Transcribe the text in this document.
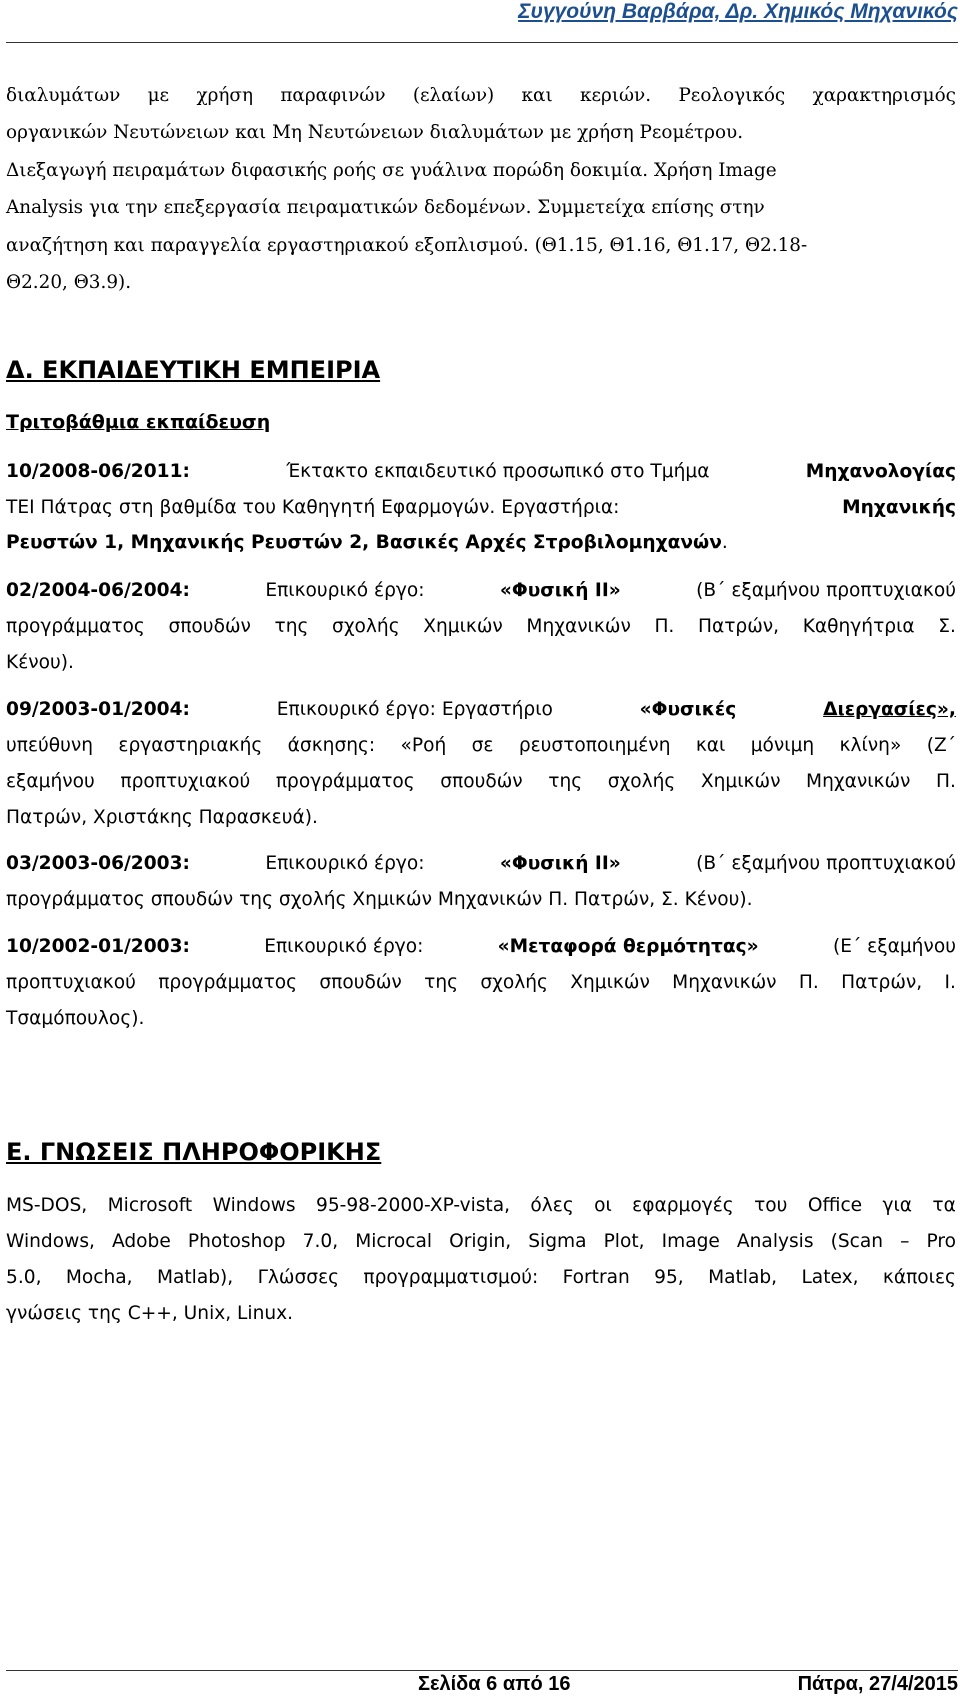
Συγγούνη Βαρβάρα, Δρ. Χημικός Μηχανικός
διαλυμάτων με χρήση παραφινών (ελαίων) και κεριών. Ρεολογικός χαρακτηρισμός
οργανικών Νευτώνειων και Μη Νευτώνειων διαλυμάτων με χρήση Ρεομέτρου.
Διεξαγωγή πειραμάτων διφασικής ροής σε γυάλινα πορώδη δοκιμία. Χρήση Image
Analysis για την επεξεργασία πειραματικών δεδομένων. Συμμετείχα επίσης στην
αναζήτηση και παραγγελία εργαστηριακού εξοπλισμού. (Θ1.15, Θ1.16, Θ1.17, Θ2.18-
Θ2.20, Θ3.9).
Δ. ΕΚΠΑΙΔΕΥΤΙΚΗ ΕΜΠΕΙΡΙΑ
Τριτοβάθμια εκπαίδευση
10/2008-06/2011:	Έκτακτο εκπαιδευτικό προσωπικό στο Τμήμα	Μηχανολογίας
ΤΕΙ Πάτρας στη βαθμίδα του Καθηγητή Εφαρμογών. Εργαστήρια:	Μηχανικής
Ρευστών 1, Μηχανικής Ρευστών 2, Βασικές Αρχές Στροβιλομηχανών.
02/2004-06/2004:	Επικουρικό έργο:	«Φυσική ΙΙ»	(Β΄ εξαμήνου προπτυχιακού
προγράμματος σπουδών της σχολής Χημικών Μηχανικών Π. Πατρών, Καθηγήτρια Σ.
Κένου).
09/2003-01/2004:	Επικουρικό έργο: Εργαστήριο	«Φυσικές	Διεργασίες»,
υπεύθυνη εργαστηριακής άσκησης: «Ροή σε ρευστοποιημένη και μόνιμη κλίνη» (Ζ΄
εξαμήνου προπτυχιακού προγράμματος σπουδών της σχολής Χημικών Μηχανικών Π.
Πατρών, Χριστάκης Παρασκευά).
03/2003-06/2003:	Επικουρικό έργο:	«Φυσική ΙΙ»	(Β΄ εξαμήνου προπτυχιακού
προγράμματος σπουδών της σχολής Χημικών Μηχανικών Π. Πατρών, Σ. Κένου).
10/2002-01/2003:	Επικουρικό έργο:	«Μεταφορά θερμότητας»	(Ε΄ εξαμήνου
προπτυχιακού προγράμματος σπουδών της σχολής Χημικών Μηχανικών Π. Πατρών, Ι.
Τσαμόπουλος).
Ε. ΓΝΩΣΕΙΣ ΠΛΗΡΟΦΟΡΙΚΗΣ
MS-DOS, Microsoft Windows 95-98-2000-XP-vista, όλες οι εφαρμογές του Office για τα
Windows, Adobe Photoshop 7.0, Microcal Origin, Sigma Plot, Image Analysis (Scan – Pro
5.0, Mocha, Matlab), Γλώσσες προγραμματισμού: Fortran 95, Matlab, Latex, κάποιες
γνώσεις της C++, Unix, Linux.
Σελίδα 6 από 16	Πάτρα, 27/4/2015
